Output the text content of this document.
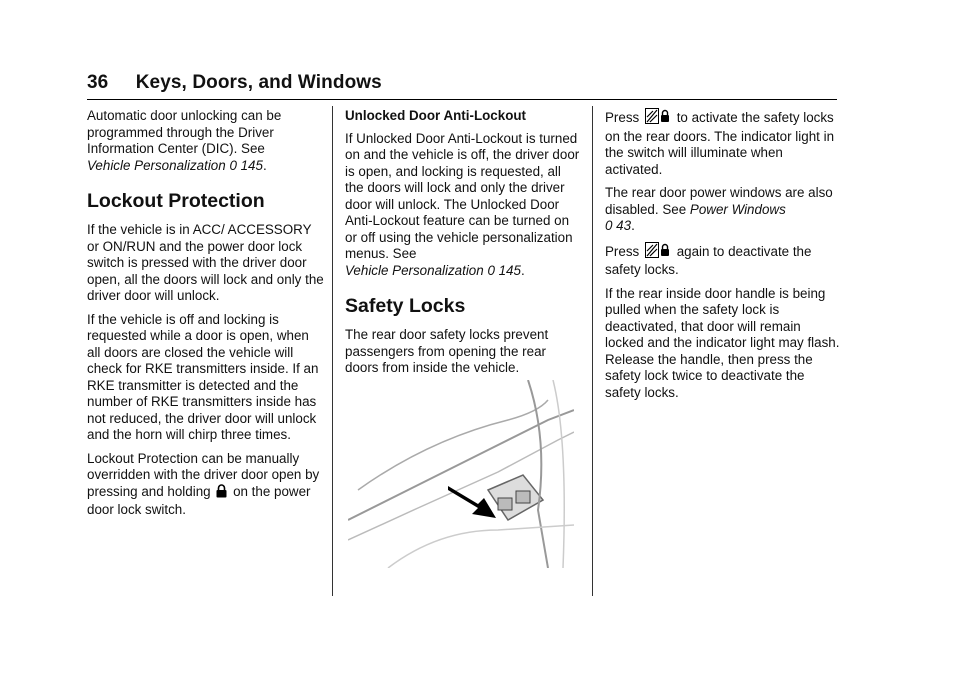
36 Keys, Doors, and Windows

Automatic door unlocking can be programmed through the Driver Information Center (DIC). See
Vehicle Personalization 0 145.

Lockout Protection

If the vehicle is in ACC/ ACCESSORY or ON/RUN and the power door lock switch is pressed with the driver door open, all the doors will lock and only the driver door will unlock.

If the vehicle is off and locking is requested while a door is open, when all doors are closed the vehicle will check for RKE transmitters inside. If an RKE transmitter is detected and the number of RKE transmitters inside has not reduced, the driver door will unlock and the horn will chirp three times.

Lockout Protection can be manually overridden with the driver door open by pressing and holding on the power door lock switch.

Unlocked Door Anti-Lockout

If Unlocked Door Anti-Lockout is turned on and the vehicle is off, the driver door is open, and locking is requested, all the doors will lock and only the driver door will unlock. The Unlocked Door Anti-Lockout feature can be turned on or off using the vehicle personalization menus. See
Vehicle Personalization 0 145.

Safety Locks

The rear door safety locks prevent passengers from opening the rear doors from inside the vehicle.

Press	to activate the safety locks on the rear doors. The indicator light in the switch will illuminate when activated.

The rear door power windows are also disabled. See Power Windows
0 43.

Press	again to deactivate the safety locks.

If the rear inside door handle is being pulled when the safety lock is deactivated, that door will remain locked and the indicator light may flash. Release the handle, then press the safety lock twice to deactivate the safety locks.
